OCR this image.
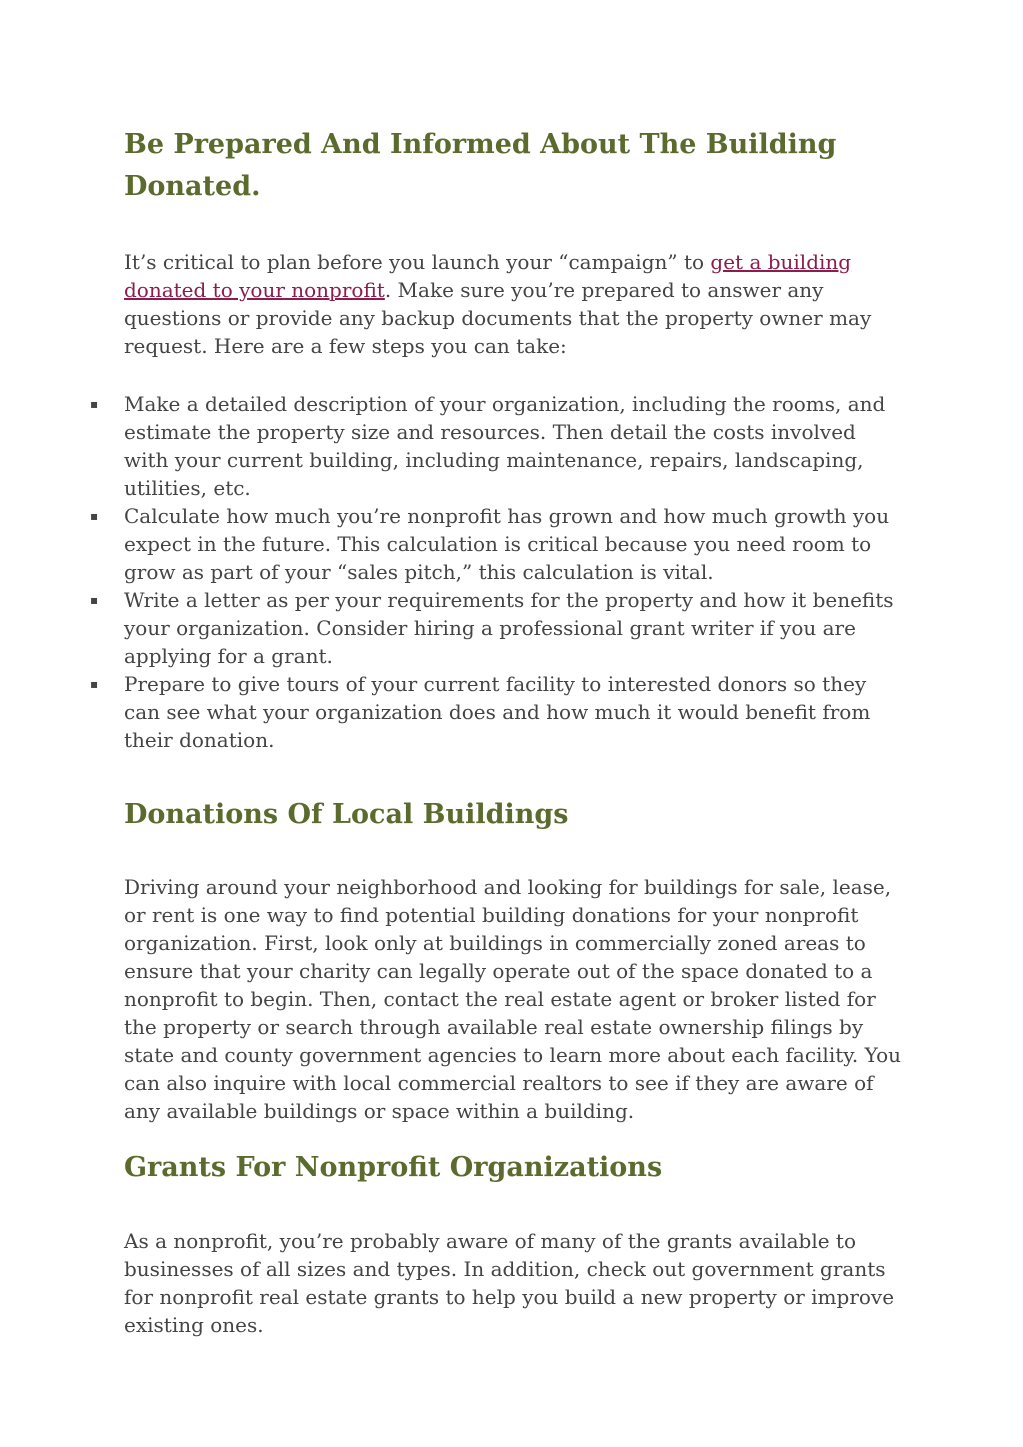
Be Prepared And Informed About The Building Donated.

It’s critical to plan before you launch your “campaign” to get a building donated to your nonprofit. Make sure you’re prepared to answer any questions or provide any backup documents that the property owner may request. Here are a few steps you can take:

▪ Make a detailed description of your organization, including the rooms, and estimate the property size and resources. Then detail the costs involved with your current building, including maintenance, repairs, landscaping, utilities, etc.
▪ Calculate how much you’re nonprofit has grown and how much growth you expect in the future. This calculation is critical because you need room to grow as part of your “sales pitch,” this calculation is vital.
▪ Write a letter as per your requirements for the property and how it benefits your organization. Consider hiring a professional grant writer if you are applying for a grant.
▪ Prepare to give tours of your current facility to interested donors so they can see what your organization does and how much it would benefit from their donation.
Donations Of Local Buildings

Driving around your neighborhood and looking for buildings for sale, lease, or rent is one way to find potential building donations for your nonprofit organization. First, look only at buildings in commercially zoned areas to ensure that your charity can legally operate out of the space donated to a nonprofit to begin. Then, contact the real estate agent or broker listed for the property or search through available real estate ownership filings by state and county government agencies to learn more about each facility. You can also inquire with local commercial realtors to see if they are aware of any available buildings or space within a building.

Grants For Nonprofit Organizations

As a nonprofit, you’re probably aware of many of the grants available to businesses of all sizes and types. In addition, check out government grants for nonprofit real estate grants to help you build a new property or improve existing ones.
